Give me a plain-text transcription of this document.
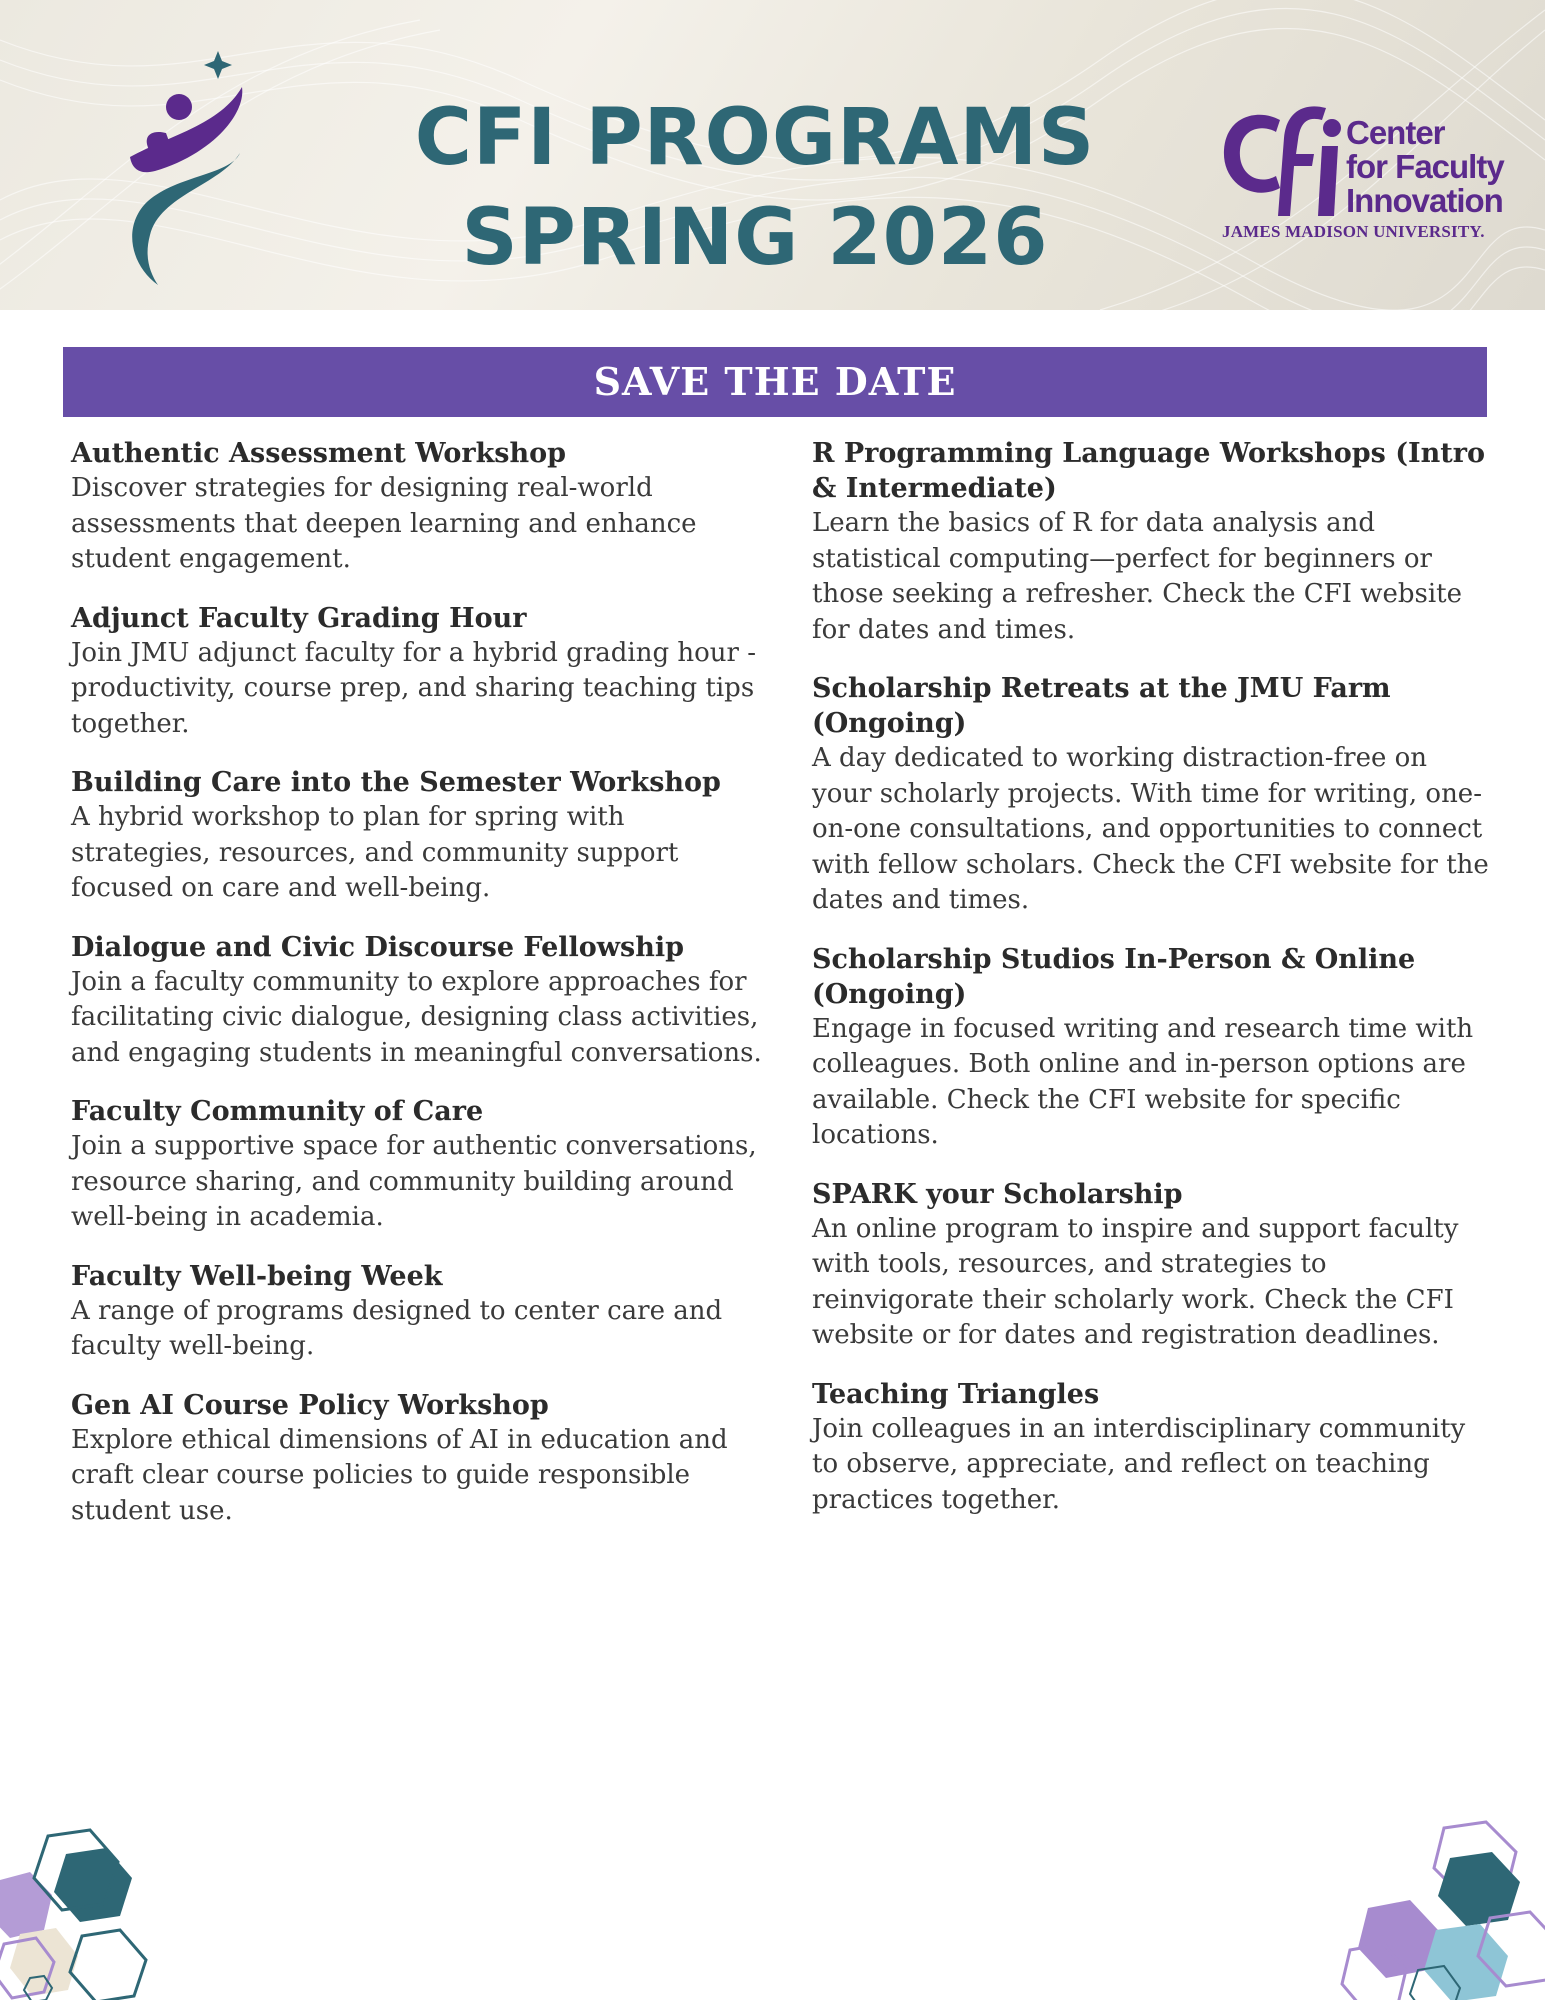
CFI PROGRAMS
SPRING 2026
Center
for Faculty
Innovation
JAMES MADISON UNIVERSITY.
SAVE THE DATE
Authentic Assessment Workshop

Discover strategies for designing real-world assessments that deepen learning and enhance student engagement.

Adjunct Faculty Grading Hour

Join JMU adjunct faculty for a hybrid grading hour - productivity, course prep, and sharing teaching tips together.

Building Care into the Semester Workshop

A hybrid workshop to plan for spring with strategies, resources, and community support focused on care and well-being.

Dialogue and Civic Discourse Fellowship

Join a faculty community to explore approaches for facilitating civic dialogue, designing class activities, and engaging students in meaningful conversations.

Faculty Community of Care

Join a supportive space for authentic conversations, resource sharing, and community building around well-being in academia.

Faculty Well-being Week

A range of programs designed to center care and faculty well-being.

Gen AI Course Policy Workshop

Explore ethical dimensions of AI in education and craft clear course policies to guide responsible student use.

R Programming Language Workshops (Intro & Intermediate)

Learn the basics of R for data analysis and statistical computing—perfect for beginners or those seeking a refresher. Check the CFI website for dates and times.

Scholarship Retreats at the JMU Farm (Ongoing)

A day dedicated to working distraction-free on your scholarly projects. With time for writing, one-on-one consultations, and opportunities to connect with fellow scholars. Check the CFI website for the dates and times.

Scholarship Studios In-Person & Online (Ongoing)

Engage in focused writing and research time with colleagues. Both online and in-person options are available. Check the CFI website for specific locations.

SPARK your Scholarship

An online program to inspire and support faculty with tools, resources, and strategies to reinvigorate their scholarly work. Check the CFI website or for dates and registration deadlines.

Teaching Triangles

Join colleagues in an interdisciplinary community to observe, appreciate, and reflect on teaching practices together.
